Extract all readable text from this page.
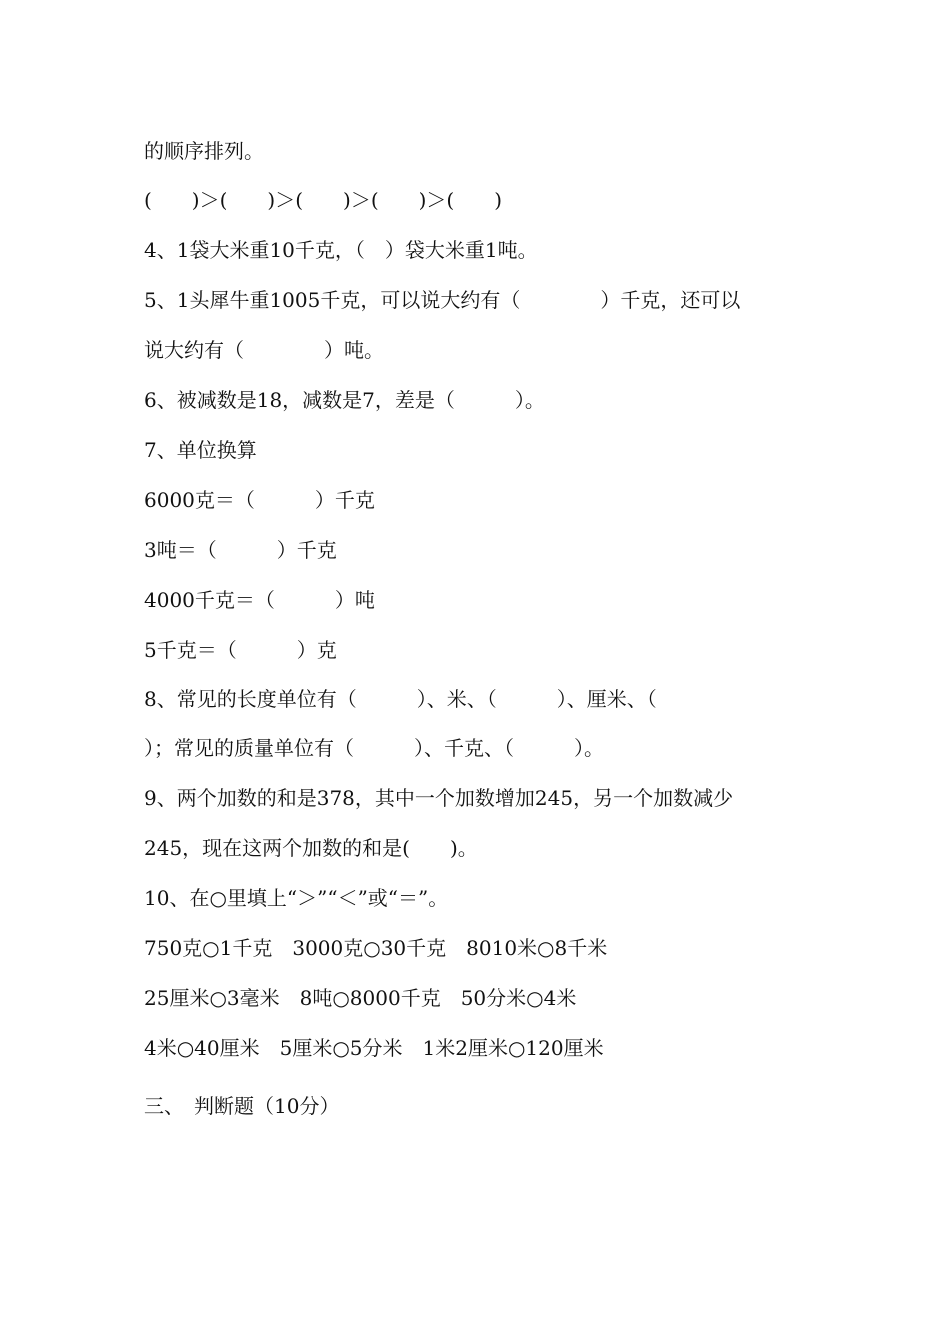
的顺序排列。

(　　)＞(　　)＞(　　)＞(　　)＞(　　)

4、1袋大米重10千克，（　）袋大米重1吨。

5、1头犀牛重1005千克，可以说大约有（　　　　）千克，还可以

说大约有（　　　　）吨。

6、被减数是18，减数是7，差是（　　　）。

7、单位换算

6000克＝（　　　）千克

3吨＝（　　　）千克

4000千克＝（　　　）吨

5千克＝（　　　）克

8、常见的长度单位有（　　　）、米、（　　　）、厘米、（

）；常见的质量单位有（　　　）、千克、（　　　）。

9、两个加数的和是378，其中一个加数增加245，另一个加数减少

245，现在这两个加数的和是(　　)。

10、在○里填上“＞”“＜”或“＝”。

750克○1千克　3000克○30千克　8010米○8千米

25厘米○3毫米　8吨○8000千克　50分米○4米

4米○40厘米　5厘米○5分米　1米2厘米○120厘米

三、　判断题（10分）
